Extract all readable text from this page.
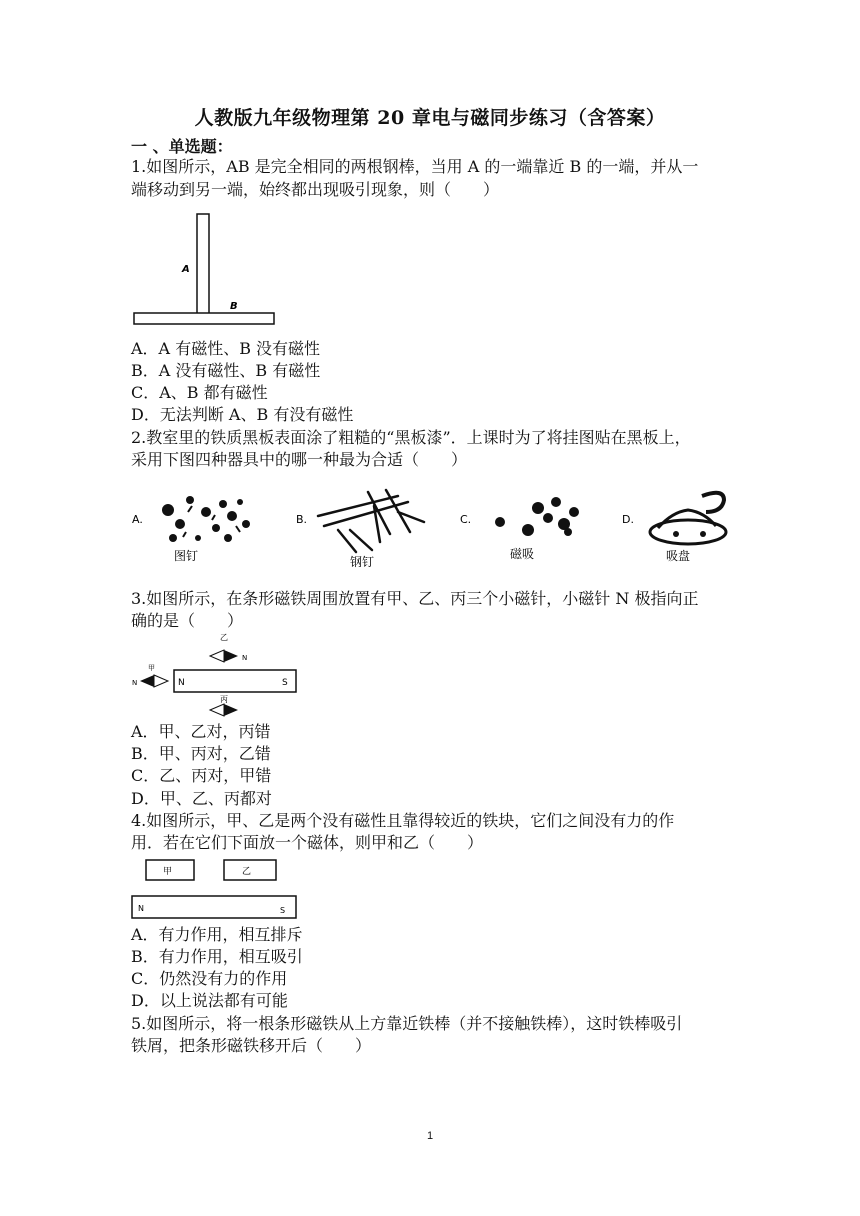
人教版九年级物理第 20 章电与磁同步练习（含答案）
一 、单选题：
1.如图所示，AB 是完全相同的两根钢棒，当用 A 的一端靠近 B 的一端，并从一
端移动到另一端，始终都出现吸引现象，则（　　）
A
B
A．A 有磁性、B 没有磁性
B．A 没有磁性、B 有磁性
C．A、B 都有磁性
D．无法判断 A、B 有没有磁性
2.教室里的铁质黑板表面涂了粗糙的“黑板漆”．上课时为了将挂图贴在黑板上，
采用下图四种器具中的哪一种最为合适（　　）
A.
图钉
B.
钢钉
C.
磁吸
D.
吸盘
3.如图所示，在条形磁铁周围放置有甲、乙、丙三个小磁针，小磁针 N 极指向正
确的是（　　）
N	S
乙
N
甲
N
丙
A．甲、乙对，丙错
B．甲、丙对，乙错
C．乙、丙对，甲错
D．甲、乙、丙都对
4.如图所示，甲、乙是两个没有磁性且靠得较近的铁块，它们之间没有力的作
用．若在它们下面放一个磁体，则甲和乙（　　）
甲	乙
N	S
A．有力作用，相互排斥
B．有力作用，相互吸引
C．仍然没有力的作用
D．以上说法都有可能
5.如图所示，将一根条形磁铁从上方靠近铁棒（并不接触铁棒），这时铁棒吸引
铁屑，把条形磁铁移开后（　　）
1
